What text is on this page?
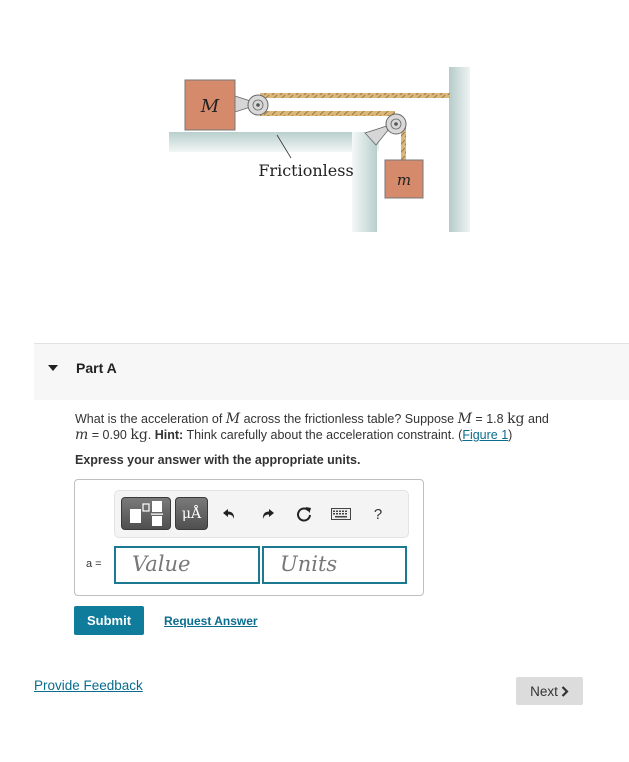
M
m
Frictionless
Part A
What is the acceleration of M across the frictionless table? Suppose M = 1.8 kg and
m = 0.90 kg. Hint: Think carefully about the acceleration constraint. (Figure 1)
Express your answer with the appropriate units.
μÅ	?
a =	Value	Units
Submit	Request Answer
Provide Feedback	Next
